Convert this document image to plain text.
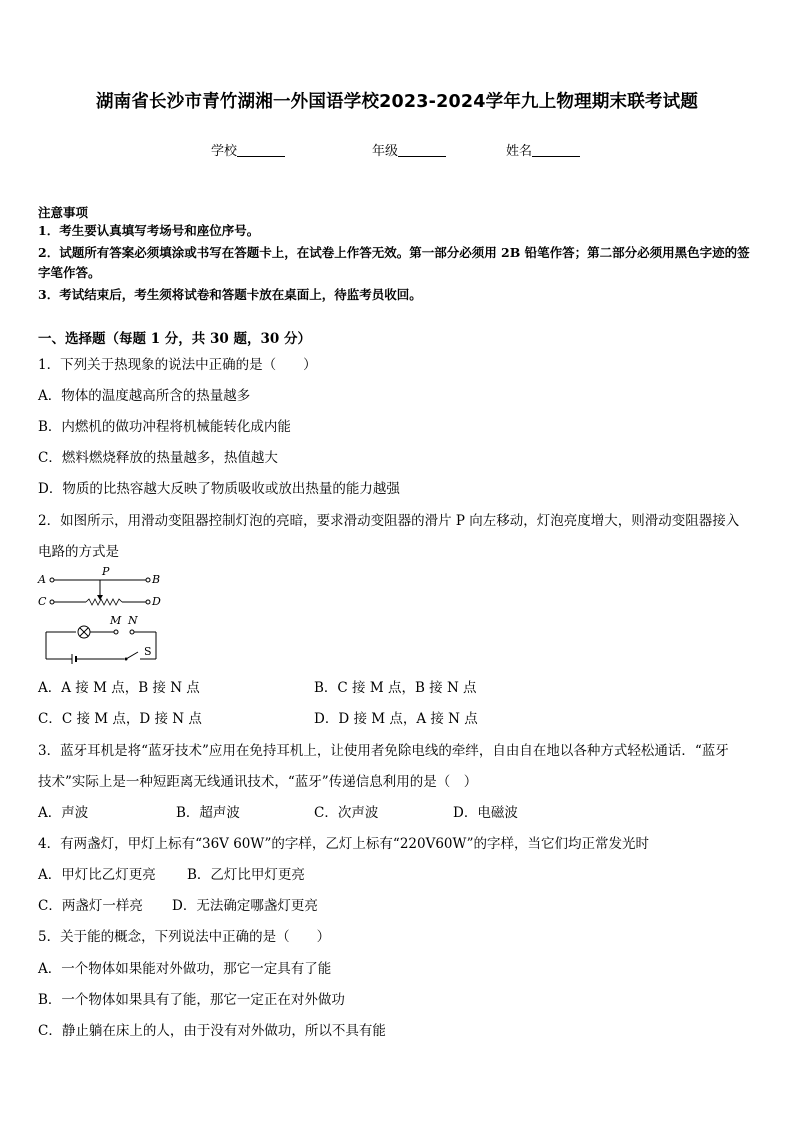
湖南省长沙市青竹湖湘一外国语学校2023-2024学年九上物理期末联考试题
学校	年级	姓名
注意事项
1．考生要认真填写考场号和座位序号。
2．试题所有答案必须填涂或书写在答题卡上，在试卷上作答无效。第一部分必须用 2B 铅笔作答；第二部分必须用黑色字迹的签字笔作答。
3．考试结束后，考生须将试卷和答题卡放在桌面上，待监考员收回。
一、选择题（每题 1 分，共 30 题，30 分）
1．下列关于热现象的说法中正确的是（　　）
A．物体的温度越高所含的热量越多
B．内燃机的做功冲程将机械能转化成内能
C．燃料燃烧释放的热量越多，热值越大
D．物质的比热容越大反映了物质吸收或放出热量的能力越强
2．如图所示，用滑动变阻器控制灯泡的亮暗，要求滑动变阻器的滑片 P 向左移动，灯泡亮度增大，则滑动变阻器接入
电路的方式是
A	B
P
C	D
M N
S
A．A 接 M 点，B 接 N 点	B．C 接 M 点，B 接 N 点
C．C 接 M 点，D 接 N 点	D．D 接 M 点，A 接 N 点
3．蓝牙耳机是将“蓝牙技术”应用在免持耳机上，让使用者免除电线的牵绊，自由自在地以各种方式轻松通话．“蓝牙
技术”实际上是一种短距离无线通讯技术，“蓝牙”传递信息利用的是（　）
A．声波	B．超声波	C．次声波	D．电磁波
4．有两盏灯，甲灯上标有“36V 60W”的字样，乙灯上标有“220V60W”的字样，当它们均正常发光时
A．甲灯比乙灯更亮 B．乙灯比甲灯更亮
C．两盏灯一样亮 D．无法确定哪盏灯更亮
5．关于能的概念，下列说法中正确的是（　　）
A．一个物体如果能对外做功，那它一定具有了能
B．一个物体如果具有了能，那它一定正在对外做功
C．静止躺在床上的人，由于没有对外做功，所以不具有能
